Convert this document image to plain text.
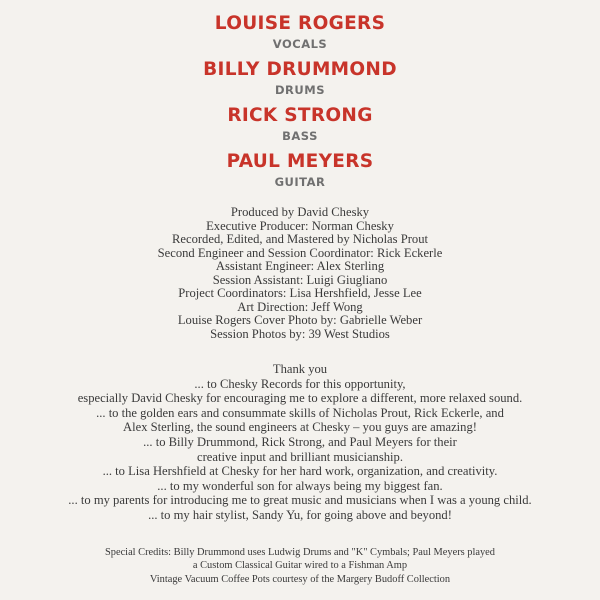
LOUISE ROGERS
VOCALS
BILLY DRUMMOND
DRUMS
RICK STRONG
BASS
PAUL MEYERS
GUITAR
Produced by David Chesky
Executive Producer: Norman Chesky
Recorded, Edited, and Mastered by Nicholas Prout
Second Engineer and Session Coordinator: Rick Eckerle
Assistant Engineer: Alex Sterling
Session Assistant: Luigi Giugliano
Project Coordinators: Lisa Hershfield, Jesse Lee
Art Direction: Jeff Wong
Louise Rogers Cover Photo by: Gabrielle Weber
Session Photos by: 39 West Studios
Thank you
... to Chesky Records for this opportunity,
especially David Chesky for encouraging me to explore a different, more relaxed sound.
... to the golden ears and consummate skills of Nicholas Prout, Rick Eckerle, and
Alex Sterling, the sound engineers at Chesky – you guys are amazing!
... to Billy Drummond, Rick Strong, and Paul Meyers for their
creative input and brilliant musicianship.
... to Lisa Hershfield at Chesky for her hard work, organization, and creativity.
... to my wonderful son for always being my biggest fan.
... to my parents for introducing me to great music and musicians when I was a young child.
... to my hair stylist, Sandy Yu, for going above and beyond!
Special Credits: Billy Drummond uses Ludwig Drums and "K" Cymbals; Paul Meyers played
a Custom Classical Guitar wired to a Fishman Amp
Vintage Vacuum Coffee Pots courtesy of the Margery Budoff Collection
